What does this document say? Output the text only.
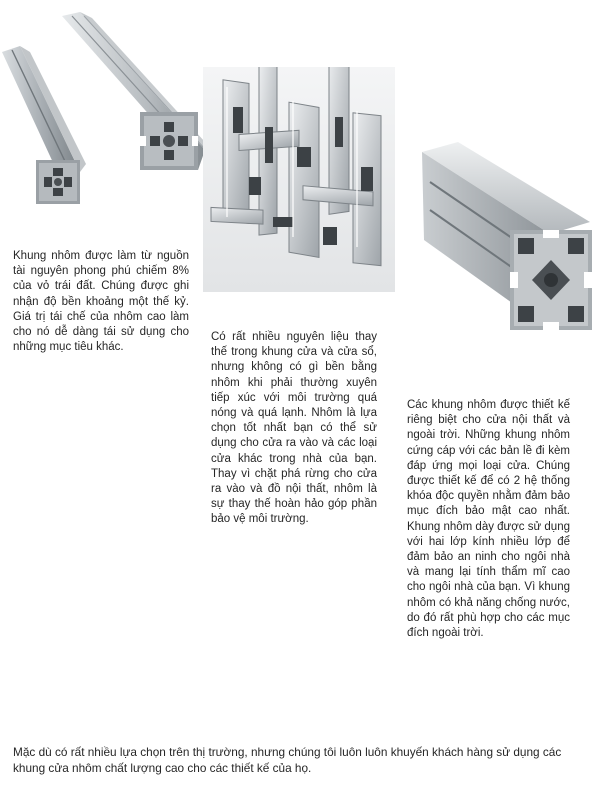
Khung nhôm được làm từ nguồn tài nguyên phong phú chiếm 8% của vỏ trái đất. Chúng được ghi nhận độ bền khoảng một thế kỷ. Giá trị tái chế của nhôm cao làm cho nó dễ dàng tái sử dụng cho những mục tiêu khác.

Có rất nhiều nguyên liệu thay thế trong khung cửa và cửa sổ, nhưng không có gì bền bằng nhôm khi phải thường xuyên tiếp xúc với môi trường quá nóng và quá lạnh. Nhôm là lựa chọn tốt nhất bạn có thể sử dụng cho cửa ra vào và các loại cửa khác trong nhà của bạn. Thay vì chặt phá rừng cho cửa ra vào và đồ nội thất, nhôm là sự thay thế hoàn hảo góp phần bảo vệ môi trường.

Các khung nhôm được thiết kế riêng biệt cho cửa nội thất và ngoài trời. Những khung nhôm cứng cáp với các bản lề đi kèm đáp ứng mọi loại cửa. Chúng được thiết kế để có 2 hệ thống khóa độc quyền nhằm đảm bảo mục đích bảo mật cao nhất. Khung nhôm dày được sử dụng với hai lớp kính nhiều lớp để đảm bảo an ninh cho ngôi nhà và mang lại tính thẩm mĩ cao cho ngôi nhà của bạn. Vì khung nhôm có khả năng chống nước, do đó rất phù hợp cho các mục đích ngoài trời.

Mặc dù có rất nhiều lựa chọn trên thị trường, nhưng chúng tôi luôn luôn khuyến khách hàng sử dụng các khung cửa nhôm chất lượng cao cho các thiết kế của họ.
